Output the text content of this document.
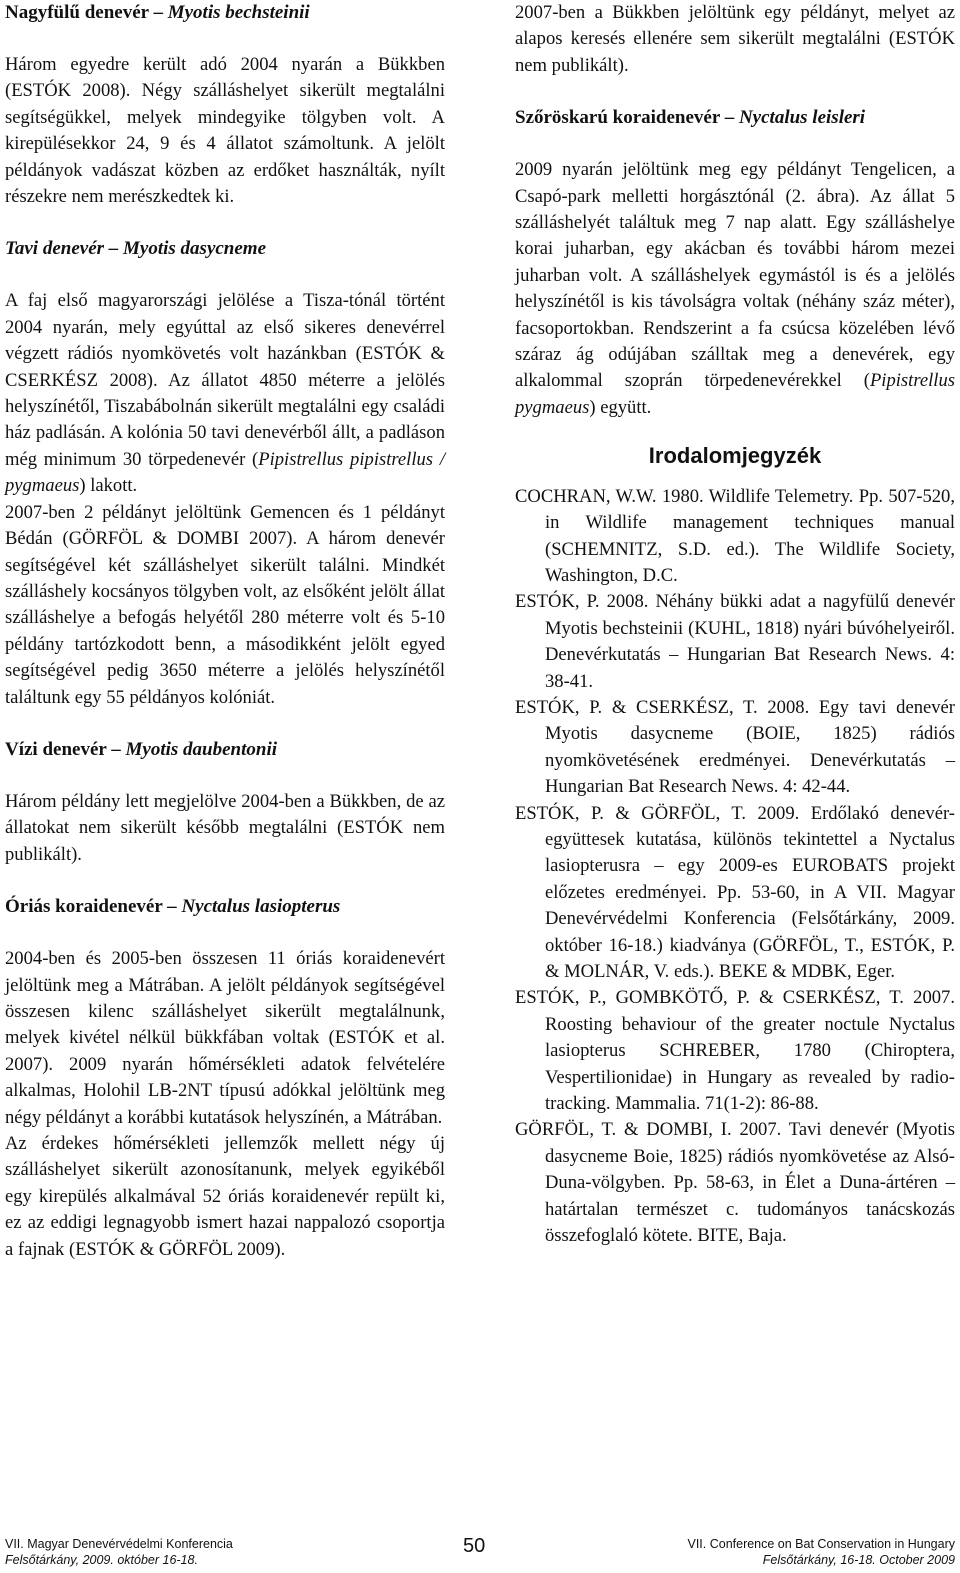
Nagyfülű denevér – Myotis bechsteinii

Három egyedre került adó 2004 nyarán a Bükkben (ESTÓK 2008). Négy szálláshelyet sikerült megtalálni segítségükkel, melyek mindegyike tölgyben volt. A kirepülésekkor 24, 9 és 4 állatot számoltunk. A jelölt példányok vadászat közben az erdőket használták, nyílt részekre nem merészkedtek ki.

Tavi denevér – Myotis dasycneme

A faj első magyarországi jelölése a Tisza-tónál történt 2004 nyarán, mely egyúttal az első sikeres denevérrel végzett rádiós nyomkövetés volt hazánkban (ESTÓK & CSERKÉSZ 2008). Az állatot 4850 méterre a jelölés helyszínétől, Tiszabábolnán sikerült megtalálni egy családi ház padlásán. A kolónia 50 tavi denevérből állt, a padláson még minimum 30 törpedenevér (Pipistrellus pipistrellus / pygmaeus) lakott.

2007-ben 2 példányt jelöltünk Gemencen és 1 példányt Bédán (GÖRFÖL & DOMBI 2007). A három denevér segítségével két szálláshelyet sikerült találni. Mindkét szálláshely kocsányos tölgyben volt, az elsőként jelölt állat szálláshelye a befogás helyétől 280 méterre volt és 5-10 példány tartózkodott benn, a másodikként jelölt egyed segítségével pedig 3650 méterre a jelölés helyszínétől találtunk egy 55 példányos kolóniát.

Vízi denevér – Myotis daubentonii

Három példány lett megjelölve 2004-ben a Bükkben, de az állatokat nem sikerült később megtalálni (ESTÓK nem publikált).

Óriás koraidenevér – Nyctalus lasiopterus

2004-ben és 2005-ben összesen 11 óriás koraidenevért jelöltünk meg a Mátrában. A jelölt példányok segítségével összesen kilenc szálláshelyet sikerült megtalálnunk, melyek kivétel nélkül bükkfában voltak (ESTÓK et al. 2007). 2009 nyarán hőmérsékleti adatok felvételére alkalmas, Holohil LB-2NT típusú adókkal jelöltünk meg négy példányt a korábbi kutatások helyszínén, a Mátrában.

Az érdekes hőmérsékleti jellemzők mellett négy új szálláshelyet sikerült azonosítanunk, melyek egyikéből egy kirepülés alkalmával 52 óriás koraidenevér repült ki, ez az eddigi legnagyobb ismert hazai nappalozó csoportja a fajnak (ESTÓK & GÖRFÖL 2009).

2007-ben a Bükkben jelöltünk egy példányt, melyet az alapos keresés ellenére sem sikerült megtalálni (ESTÓK nem publikált).

Szőröskarú koraidenevér – Nyctalus leisleri

2009 nyarán jelöltünk meg egy példányt Tengelicen, a Csapó-park melletti horgásztónál (2. ábra). Az állat 5 szálláshelyét találtuk meg 7 nap alatt. Egy szálláshelye korai juharban, egy akácban és további három mezei juharban volt. A szálláshelyek egymástól is és a jelölés helyszínétől is kis távolságra voltak (néhány száz méter), facsoportokban. Rendszerint a fa csúcsa közelében lévő száraz ág odújában szálltak meg a denevérek, egy alkalommal szoprán törpedenevérekkel (Pipistrellus pygmaeus) együtt.

Irodalomjegyzék

COCHRAN, W.W. 1980. Wildlife Telemetry. Pp. 507-520, in Wildlife management techniques manual (SCHEMNITZ, S.D. ed.). The Wildlife Society, Washington, D.C.

ESTÓK, P. 2008. Néhány bükki adat a nagyfülű denevér Myotis bechsteinii (KUHL, 1818) nyári búvóhelyeiről. Denevérkutatás – Hungarian Bat Research News. 4: 38-41.

ESTÓK, P. & CSERKÉSZ, T. 2008. Egy tavi denevér Myotis dasycneme (BOIE, 1825) rádiós nyomkövetésének eredményei. Denevérkutatás – Hungarian Bat Research News. 4: 42-44.

ESTÓK, P. & GÖRFÖL, T. 2009. Erdőlakó denevér-együttesek kutatása, különös tekintettel a Nyctalus lasiopterusra – egy 2009-es EUROBATS projekt előzetes eredményei. Pp. 53-60, in A VII. Magyar Denevérvédelmi Konferencia (Felsőtárkány, 2009. október 16-18.) kiadványa (GÖRFÖL, T., ESTÓK, P. & MOLNÁR, V. eds.). BEKE & MDBK, Eger.

ESTÓK, P., GOMBKÖTŐ, P. & CSERKÉSZ, T. 2007. Roosting behaviour of the greater noctule Nyctalus lasiopterus SCHREBER, 1780 (Chiroptera, Vespertilionidae) in Hungary as revealed by radio-tracking. Mammalia. 71(1-2): 86-88.

GÖRFÖL, T. & DOMBI, I. 2007. Tavi denevér (Myotis dasycneme Boie, 1825) rádiós nyomkövetése az Alsó-Duna-völgyben. Pp. 58-63, in Élet a Duna-ártéren – határtalan természet c. tudományos tanácskozás összefoglaló kötete. BITE, Baja.

VII. Magyar Denevérvédelmi Konferencia
Felsőtárkány, 2009. október 16-18.
50	VII. Conference on Bat Conservation in Hungary
Felsőtárkány, 16-18. October 2009
